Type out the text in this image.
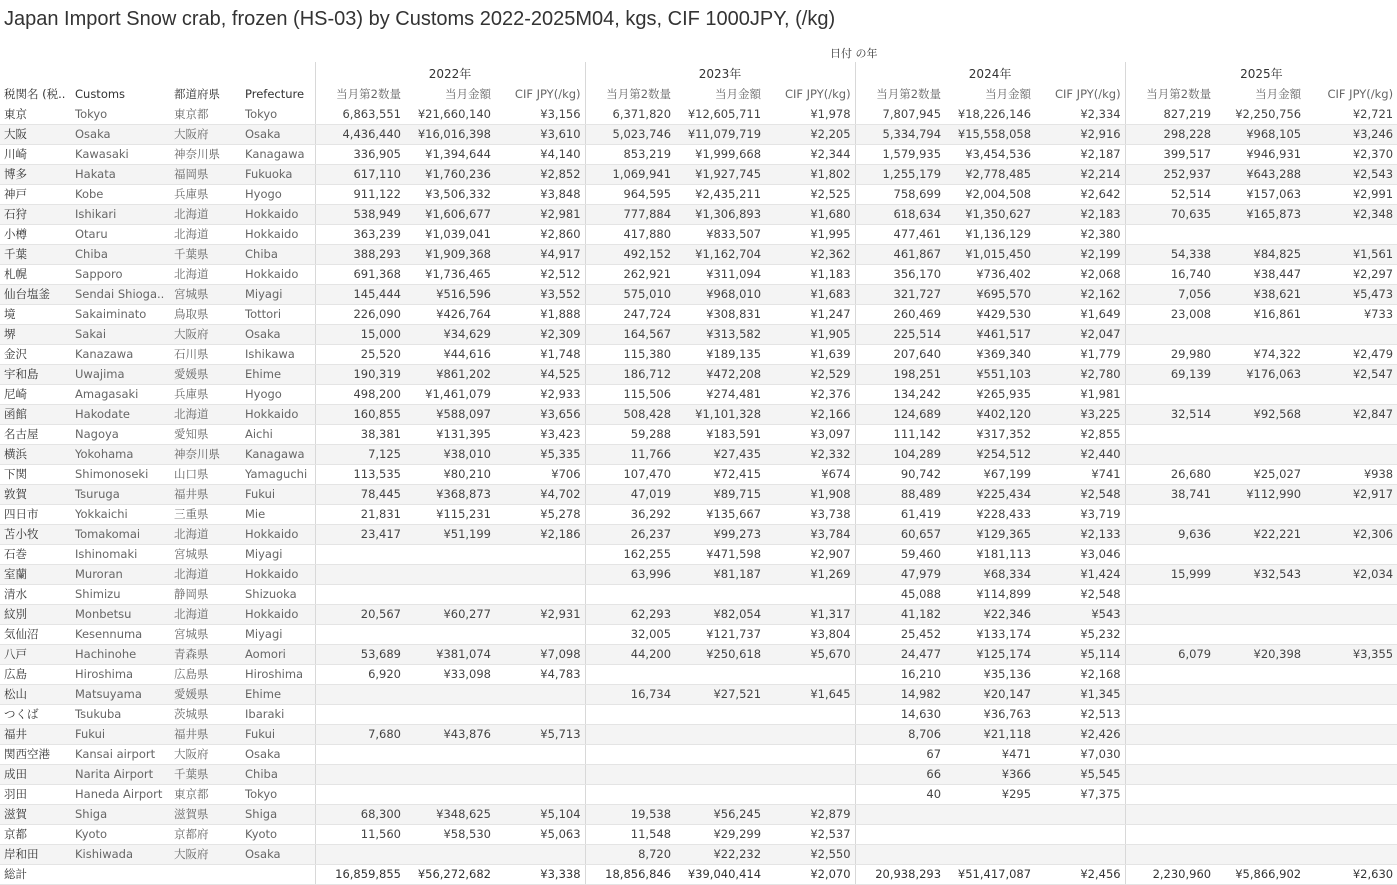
Japan Import Snow crab, frozen (HS-03) by Customs 2022-2025M04, kgs, CIF 1000JPY, (/kg)
日付 の年
				2022年			2023年			2024年			2025年		
税関名 (税..	Customs	都道府県	Prefecture	当月第2数量	当月金額	CIF JPY(/kg)	当月第2数量	当月金額	CIF JPY(/kg)	当月第2数量	当月金額	CIF JPY(/kg)	当月第2数量	当月金額	CIF JPY(/kg)
東京	Tokyo	東京都	Tokyo	6,863,551	¥21,660,140	¥3,156	6,371,820	¥12,605,711	¥1,978	7,807,945	¥18,226,146	¥2,334	827,219	¥2,250,756	¥2,721
大阪	Osaka	大阪府	Osaka	4,436,440	¥16,016,398	¥3,610	5,023,746	¥11,079,719	¥2,205	5,334,794	¥15,558,058	¥2,916	298,228	¥968,105	¥3,246
川崎	Kawasaki	神奈川県	Kanagawa	336,905	¥1,394,644	¥4,140	853,219	¥1,999,668	¥2,344	1,579,935	¥3,454,536	¥2,187	399,517	¥946,931	¥2,370
博多	Hakata	福岡県	Fukuoka	617,110	¥1,760,236	¥2,852	1,069,941	¥1,927,745	¥1,802	1,255,179	¥2,778,485	¥2,214	252,937	¥643,288	¥2,543
神戸	Kobe	兵庫県	Hyogo	911,122	¥3,506,332	¥3,848	964,595	¥2,435,211	¥2,525	758,699	¥2,004,508	¥2,642	52,514	¥157,063	¥2,991
石狩	Ishikari	北海道	Hokkaido	538,949	¥1,606,677	¥2,981	777,884	¥1,306,893	¥1,680	618,634	¥1,350,627	¥2,183	70,635	¥165,873	¥2,348
小樽	Otaru	北海道	Hokkaido	363,239	¥1,039,041	¥2,860	417,880	¥833,507	¥1,995	477,461	¥1,136,129	¥2,380			
千葉	Chiba	千葉県	Chiba	388,293	¥1,909,368	¥4,917	492,152	¥1,162,704	¥2,362	461,867	¥1,015,450	¥2,199	54,338	¥84,825	¥1,561
札幌	Sapporo	北海道	Hokkaido	691,368	¥1,736,465	¥2,512	262,921	¥311,094	¥1,183	356,170	¥736,402	¥2,068	16,740	¥38,447	¥2,297
仙台塩釜	Sendai Shioga..	宮城県	Miyagi	145,444	¥516,596	¥3,552	575,010	¥968,010	¥1,683	321,727	¥695,570	¥2,162	7,056	¥38,621	¥5,473
境	Sakaiminato	鳥取県	Tottori	226,090	¥426,764	¥1,888	247,724	¥308,831	¥1,247	260,469	¥429,530	¥1,649	23,008	¥16,861	¥733
堺	Sakai	大阪府	Osaka	15,000	¥34,629	¥2,309	164,567	¥313,582	¥1,905	225,514	¥461,517	¥2,047			
金沢	Kanazawa	石川県	Ishikawa	25,520	¥44,616	¥1,748	115,380	¥189,135	¥1,639	207,640	¥369,340	¥1,779	29,980	¥74,322	¥2,479
宇和島	Uwajima	愛媛県	Ehime	190,319	¥861,202	¥4,525	186,712	¥472,208	¥2,529	198,251	¥551,103	¥2,780	69,139	¥176,063	¥2,547
尼崎	Amagasaki	兵庫県	Hyogo	498,200	¥1,461,079	¥2,933	115,506	¥274,481	¥2,376	134,242	¥265,935	¥1,981			
函館	Hakodate	北海道	Hokkaido	160,855	¥588,097	¥3,656	508,428	¥1,101,328	¥2,166	124,689	¥402,120	¥3,225	32,514	¥92,568	¥2,847
名古屋	Nagoya	愛知県	Aichi	38,381	¥131,395	¥3,423	59,288	¥183,591	¥3,097	111,142	¥317,352	¥2,855			
横浜	Yokohama	神奈川県	Kanagawa	7,125	¥38,010	¥5,335	11,766	¥27,435	¥2,332	104,289	¥254,512	¥2,440			
下関	Shimonoseki	山口県	Yamaguchi	113,535	¥80,210	¥706	107,470	¥72,415	¥674	90,742	¥67,199	¥741	26,680	¥25,027	¥938
敦賀	Tsuruga	福井県	Fukui	78,445	¥368,873	¥4,702	47,019	¥89,715	¥1,908	88,489	¥225,434	¥2,548	38,741	¥112,990	¥2,917
四日市	Yokkaichi	三重県	Mie	21,831	¥115,231	¥5,278	36,292	¥135,667	¥3,738	61,419	¥228,433	¥3,719			
苫小牧	Tomakomai	北海道	Hokkaido	23,417	¥51,199	¥2,186	26,237	¥99,273	¥3,784	60,657	¥129,365	¥2,133	9,636	¥22,221	¥2,306
石巻	Ishinomaki	宮城県	Miyagi				162,255	¥471,598	¥2,907	59,460	¥181,113	¥3,046			
室蘭	Muroran	北海道	Hokkaido				63,996	¥81,187	¥1,269	47,979	¥68,334	¥1,424	15,999	¥32,543	¥2,034
清水	Shimizu	静岡県	Shizuoka							45,088	¥114,899	¥2,548			
紋別	Monbetsu	北海道	Hokkaido	20,567	¥60,277	¥2,931	62,293	¥82,054	¥1,317	41,182	¥22,346	¥543			
気仙沼	Kesennuma	宮城県	Miyagi				32,005	¥121,737	¥3,804	25,452	¥133,174	¥5,232			
八戸	Hachinohe	青森県	Aomori	53,689	¥381,074	¥7,098	44,200	¥250,618	¥5,670	24,477	¥125,174	¥5,114	6,079	¥20,398	¥3,355
広島	Hiroshima	広島県	Hiroshima	6,920	¥33,098	¥4,783				16,210	¥35,136	¥2,168			
松山	Matsuyama	愛媛県	Ehime				16,734	¥27,521	¥1,645	14,982	¥20,147	¥1,345			
つくば	Tsukuba	茨城県	Ibaraki							14,630	¥36,763	¥2,513			
福井	Fukui	福井県	Fukui	7,680	¥43,876	¥5,713				8,706	¥21,118	¥2,426			
関西空港	Kansai airport	大阪府	Osaka							67	¥471	¥7,030			
成田	Narita Airport	千葉県	Chiba							66	¥366	¥5,545			
羽田	Haneda Airport	東京都	Tokyo							40	¥295	¥7,375			
滋賀	Shiga	滋賀県	Shiga	68,300	¥348,625	¥5,104	19,538	¥56,245	¥2,879						
京都	Kyoto	京都府	Kyoto	11,560	¥58,530	¥5,063	11,548	¥29,299	¥2,537						
岸和田	Kishiwada	大阪府	Osaka				8,720	¥22,232	¥2,550						
総計				16,859,855	¥56,272,682	¥3,338	18,856,846	¥39,040,414	¥2,070	20,938,293	¥51,417,087	¥2,456	2,230,960	¥5,866,902	¥2,630
